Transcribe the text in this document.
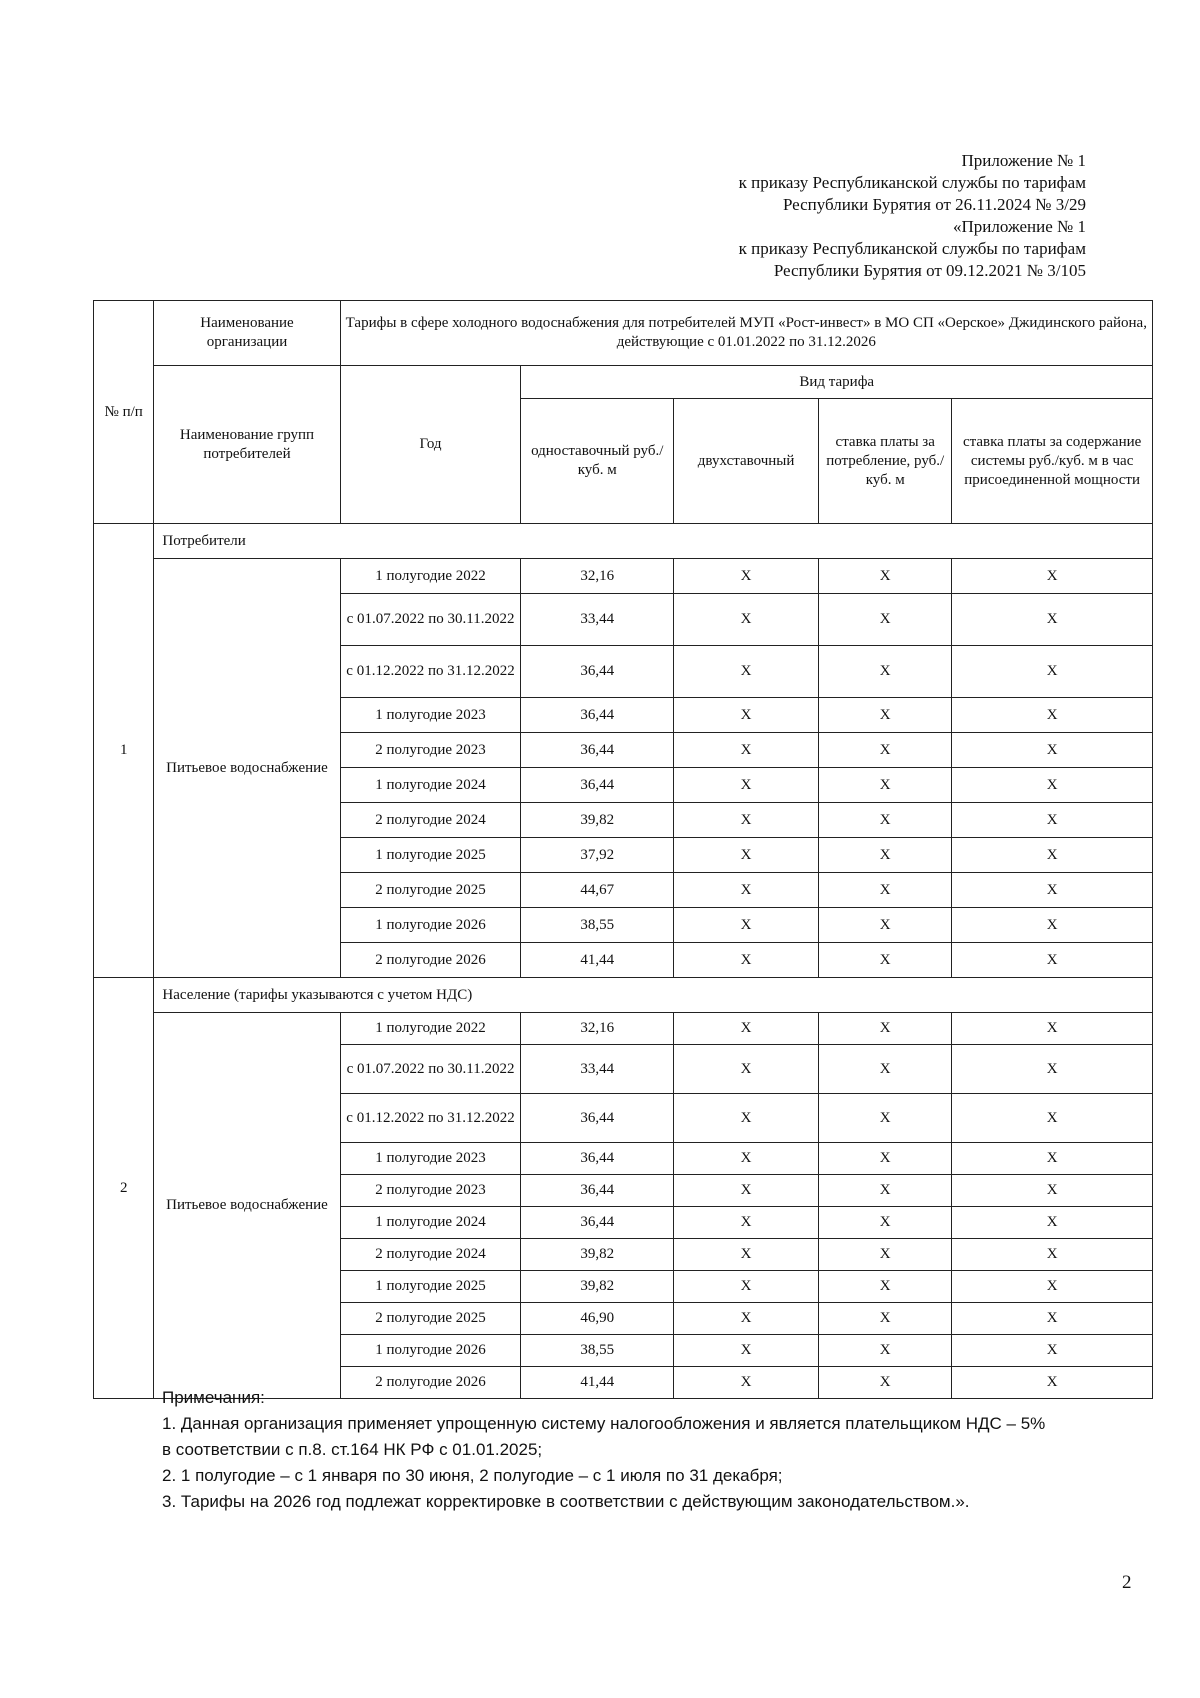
Приложение № 1
к приказу Республиканской службы по тарифам
Республики Бурятия от 26.11.2024 № 3/29
«Приложение № 1
к приказу Республиканской службы по тарифам
Республики Бурятия от 09.12.2021 № 3/105
№ п/п	Наименование организации	Тарифы в сфере холодного водоснабжения для потребителей МУП «Рост-инвест» в МО СП «Оерское» Джидинского района, действующие с 01.01.2022 по 31.12.2026				
	Наименование групп потребителей	Год	Вид тарифа			
			одноставочный руб./ куб. м	двухставочный	ставка платы за потребление, руб./ куб. м	ставка платы за содержание системы руб./куб. м в час присоединенной мощности
1	Потребители					
	Питьевое водоснабжение	1 полугодие 2022	32,16	X	X	X
		с 01.07.2022 по 30.11.2022	33,44	X	X	X
		с 01.12.2022 по 31.12.2022	36,44	X	X	X
		1 полугодие 2023	36,44	X	X	X
		2 полугодие 2023	36,44	X	X	X
		1 полугодие 2024	36,44	X	X	X
		2 полугодие 2024	39,82	X	X	X
		1 полугодие 2025	37,92	X	X	X
		2 полугодие 2025	44,67	X	X	X
		1 полугодие 2026	38,55	X	X	X
		2 полугодие 2026	41,44	X	X	X
2	Население (тарифы указываются с учетом НДС)					
	Питьевое водоснабжение	1 полугодие 2022	32,16	X	X	X
		с 01.07.2022 по 30.11.2022	33,44	X	X	X
		с 01.12.2022 по 31.12.2022	36,44	X	X	X
		1 полугодие 2023	36,44	X	X	X
		2 полугодие 2023	36,44	X	X	X
		1 полугодие 2024	36,44	X	X	X
		2 полугодие 2024	39,82	X	X	X
		1 полугодие 2025	39,82	X	X	X
		2 полугодие 2025	46,90	X	X	X
		1 полугодие 2026	38,55	X	X	X
		2 полугодие 2026	41,44	X	X	X
Примечания:
1. Данная организация применяет упрощенную систему налогообложения и является плательщиком НДС – 5%
в соответствии с п.8. ст.164 НК РФ с 01.01.2025;
2. 1 полугодие – с 1 января по 30 июня, 2 полугодие – с 1 июля по 31 декабря;
3. Тарифы на 2026 год подлежат корректировке в соответствии с действующим законодательством.».
2
